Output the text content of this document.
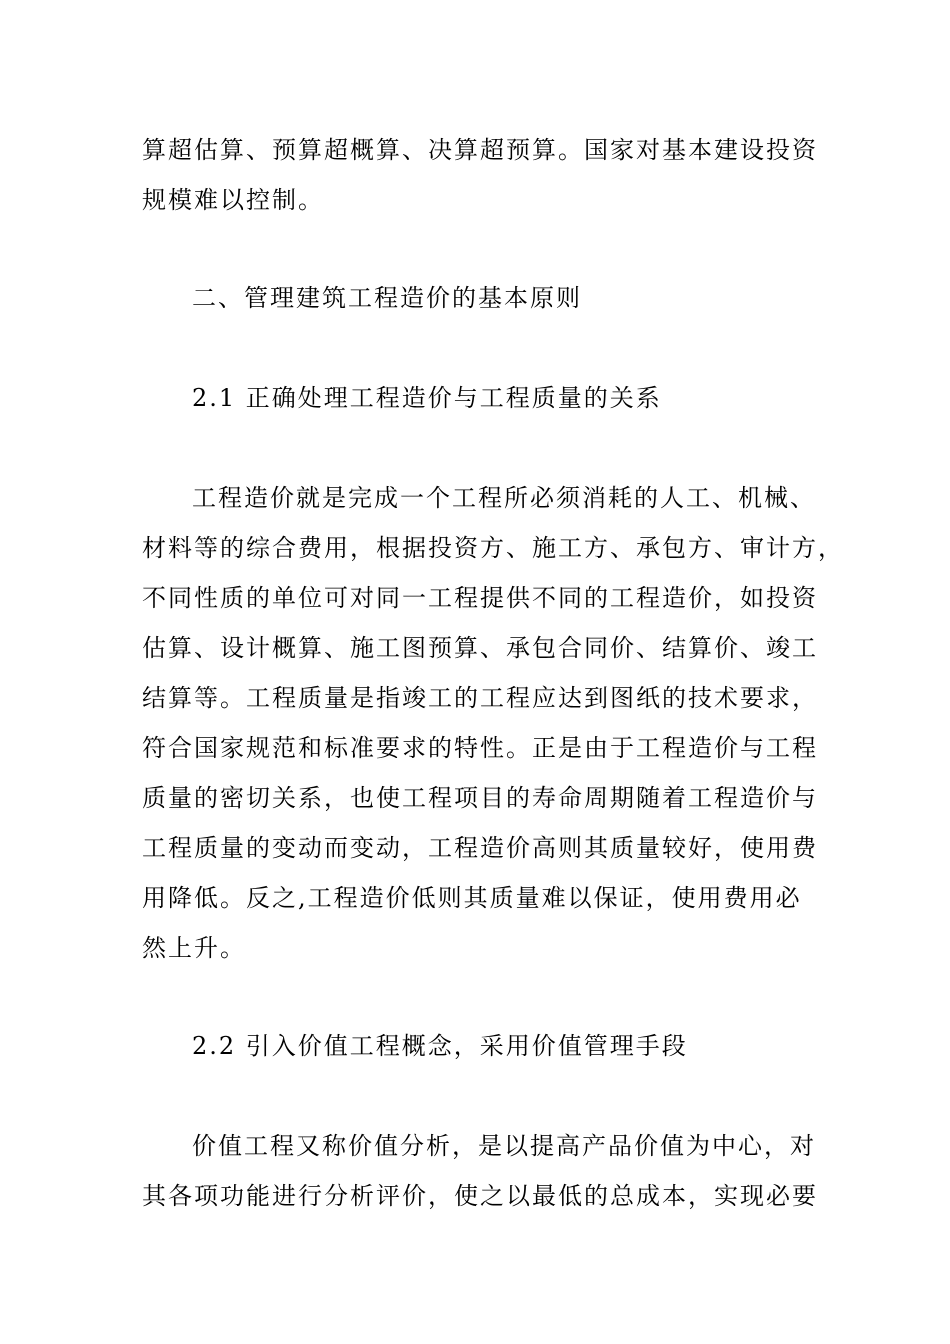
算超估算、预算超概算、决算超预算。国家对基本建设投资
规模难以控制。
二、管理建筑工程造价的基本原则
2.1 正确处理工程造价与工程质量的关系
工程造价就是完成一个工程所必须消耗的人工、机械、
材料等的综合费用，根据投资方、施工方、承包方、审计方，
不同性质的单位可对同一工程提供不同的工程造价，如投资
估算、设计概算、施工图预算、承包合同价、结算价、竣工
结算等。工程质量是指竣工的工程应达到图纸的技术要求，
符合国家规范和标准要求的特性。正是由于工程造价与工程
质量的密切关系，也使工程项目的寿命周期随着工程造价与
工程质量的变动而变动，工程造价高则其质量较好，使用费
用降低。反之,工程造价低则其质量难以保证，使用费用必
然上升。
2.2 引入价值工程概念，采用价值管理手段
价值工程又称价值分析，是以提高产品价值为中心，对
其各项功能进行分析评价，使之以最低的总成本，实现必要
